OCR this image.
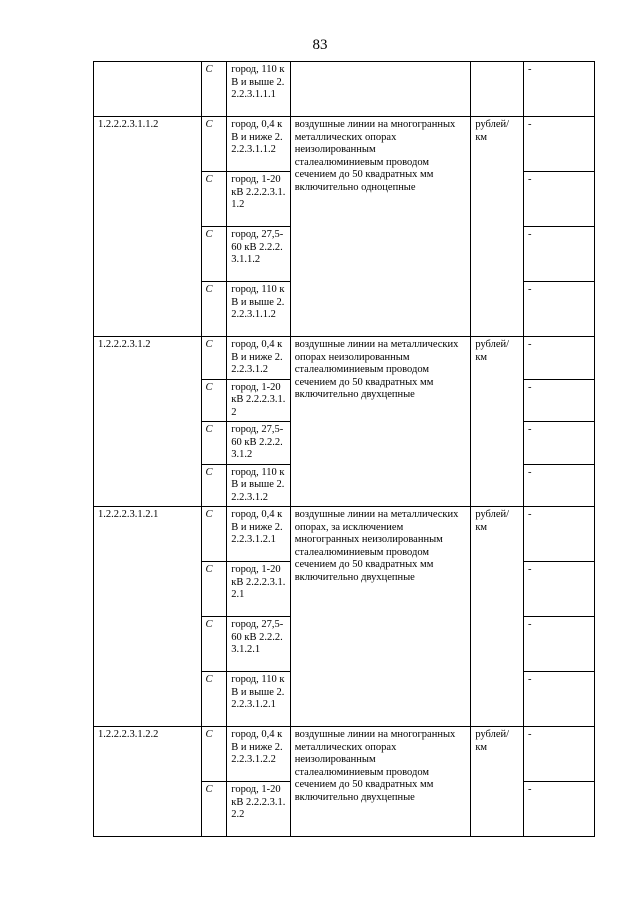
83
	C	город, 110 кВ и выше 2.2.2.3.1.1.1			-
1.2.2.2.3.1.1.2	C	город, 0,4 кВ и ниже 2.2.2.3.1.1.2	воздушные линии на многогранных металлических опорах неизолированным сталеалюминиевым проводом сечением до 50 квадратных мм включительно одноцепные	рублей/км	-
	C	город, 1-20 кВ 2.2.2.3.1.1.2			-
	C	город, 27,5-60 кВ 2.2.2.3.1.1.2			-
	C	город, 110 кВ и выше 2.2.2.3.1.1.2			-
1.2.2.2.3.1.2	C	город, 0,4 кВ и ниже 2.2.2.3.1.2	воздушные линии на металлических опорах неизолированным сталеалюминиевым проводом сечением до 50 квадратных мм включительно двухцепные	рублей/км	-
	C	город, 1-20 кВ 2.2.2.3.1.2			-
	C	город, 27,5-60 кВ 2.2.2.3.1.2			-
	C	город, 110 кВ и выше 2.2.2.3.1.2			-
1.2.2.2.3.1.2.1	C	город, 0,4 кВ и ниже 2.2.2.3.1.2.1	воздушные линии на металлических опорах, за исключением многогранных неизолированным сталеалюминиевым проводом сечением до 50 квадратных мм включительно двухцепные	рублей/км	-
	C	город, 1-20 кВ 2.2.2.3.1.2.1			-
	C	город, 27,5-60 кВ 2.2.2.3.1.2.1			-
	C	город, 110 кВ и выше 2.2.2.3.1.2.1			-
1.2.2.2.3.1.2.2	C	город, 0,4 кВ и ниже 2.2.2.3.1.2.2	воздушные линии на многогранных металлических опорах неизолированным сталеалюминиевым проводом сечением до 50 квадратных мм включительно двухцепные	рублей/км	-
	C	город, 1-20 кВ 2.2.2.3.1.2.2			-
